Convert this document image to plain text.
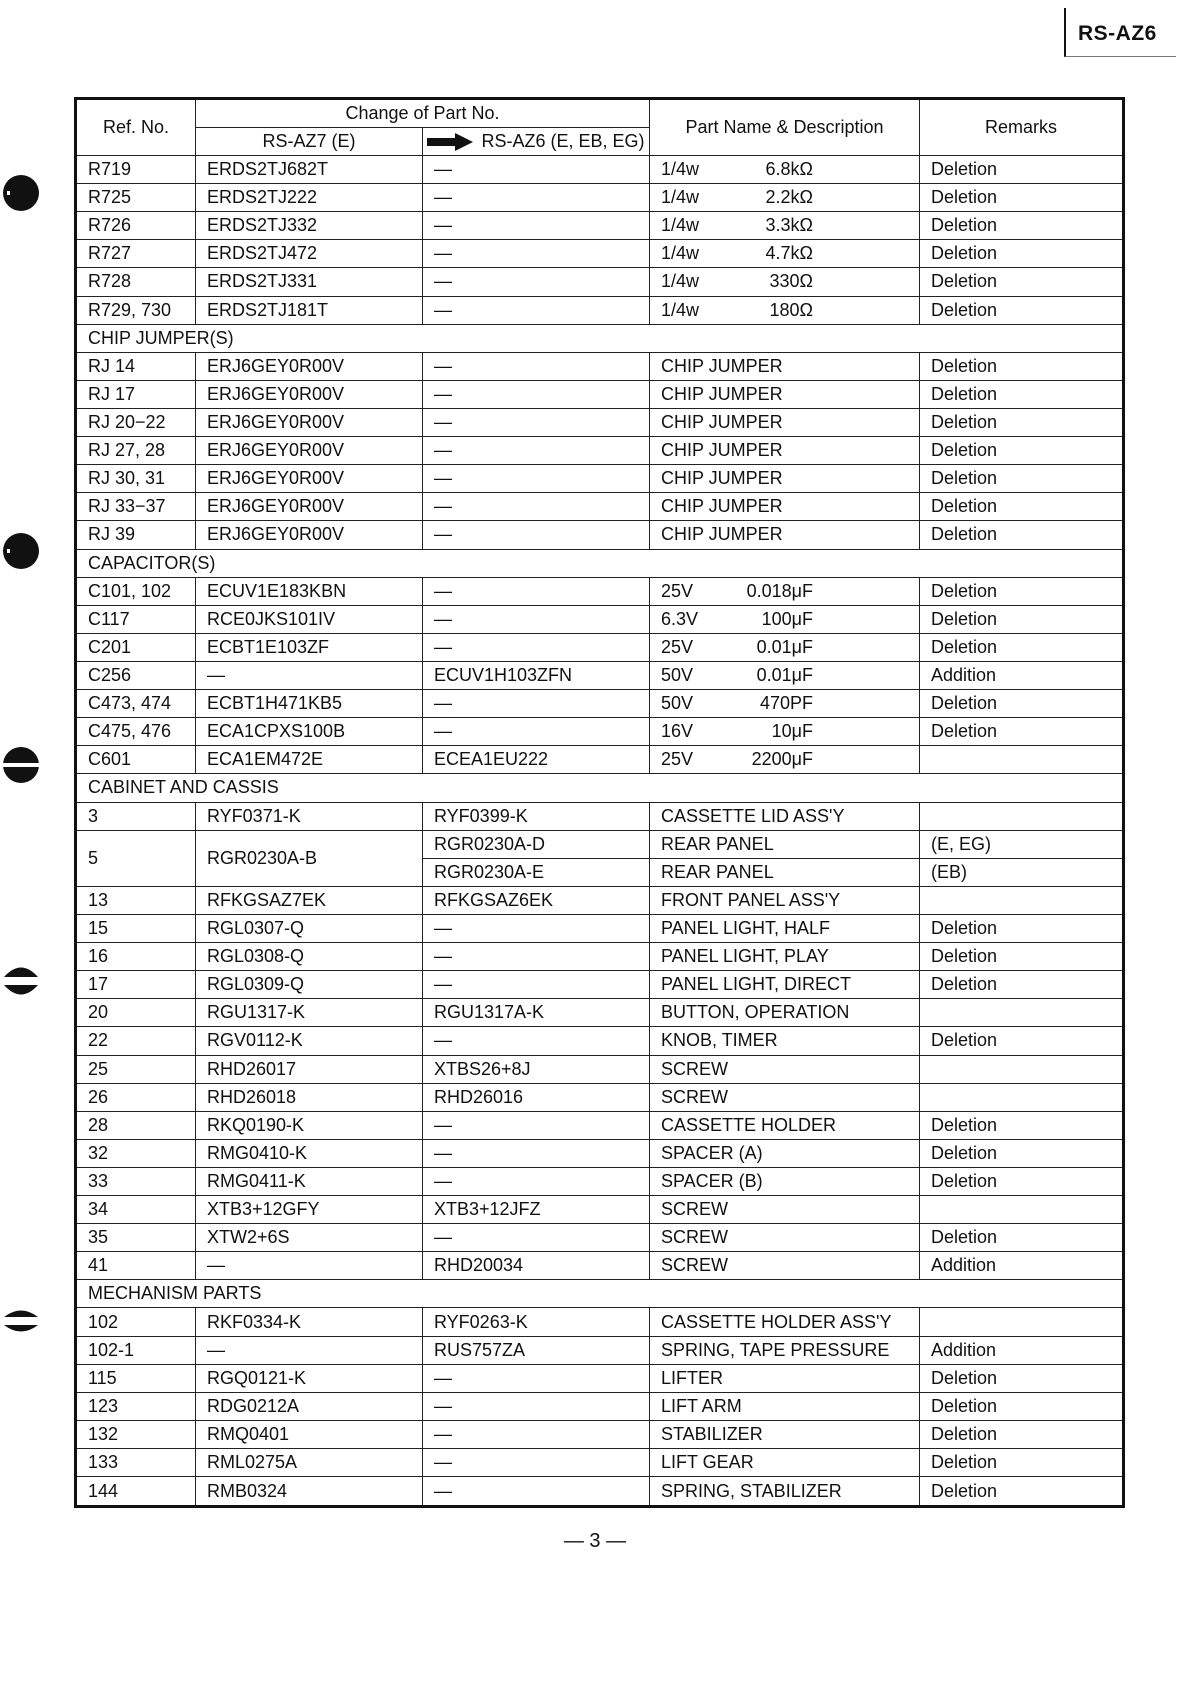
RS-AZ6
Ref. No.	Change of Part No.		Part Name & Description	Remarks
	RS-AZ7 (E)	RS-AZ6 (E, EB, EG)		
R719	ERDS2TJ682T	—	1/4w 6.8kΩ	Deletion
R725	ERDS2TJ222	—	1/4w 2.2kΩ	Deletion
R726	ERDS2TJ332	—	1/4w 3.3kΩ	Deletion
R727	ERDS2TJ472	—	1/4w 4.7kΩ	Deletion
R728	ERDS2TJ331	—	1/4w 330Ω	Deletion
R729, 730	ERDS2TJ181T	—	1/4w 180Ω	Deletion
CHIP JUMPER(S)				
RJ 14	ERJ6GEY0R00V	—	CHIP JUMPER	Deletion
RJ 17	ERJ6GEY0R00V	—	CHIP JUMPER	Deletion
RJ 20−22	ERJ6GEY0R00V	—	CHIP JUMPER	Deletion
RJ 27, 28	ERJ6GEY0R00V	—	CHIP JUMPER	Deletion
RJ 30, 31	ERJ6GEY0R00V	—	CHIP JUMPER	Deletion
RJ 33−37	ERJ6GEY0R00V	—	CHIP JUMPER	Deletion
RJ 39	ERJ6GEY0R00V	—	CHIP JUMPER	Deletion
CAPACITOR(S)				
C101, 102	ECUV1E183KBN	—	25V 0.018μF	Deletion
C117	RCE0JKS101IV	—	6.3V 100μF	Deletion
C201	ECBT1E103ZF	—	25V 0.01μF	Deletion
C256	—	ECUV1H103ZFN	50V 0.01μF	Addition
C473, 474	ECBT1H471KB5	—	50V 470PF	Deletion
C475, 476	ECA1CPXS100B	—	16V 10μF	Deletion
C601	ECA1EM472E	ECEA1EU222	25V 2200μF	
CABINET AND CASSIS				
3	RYF0371-K	RYF0399-K	CASSETTE LID ASS'Y	
5	RGR0230A-B	RGR0230A-D	REAR PANEL	(E, EG)
		RGR0230A-E	REAR PANEL	(EB)
13	RFKGSAZ7EK	RFKGSAZ6EK	FRONT PANEL ASS'Y	
15	RGL0307-Q	—	PANEL LIGHT, HALF	Deletion
16	RGL0308-Q	—	PANEL LIGHT, PLAY	Deletion
17	RGL0309-Q	—	PANEL LIGHT, DIRECT	Deletion
20	RGU1317-K	RGU1317A-K	BUTTON, OPERATION	
22	RGV0112-K	—	KNOB, TIMER	Deletion
25	RHD26017	XTBS26+8J	SCREW	
26	RHD26018	RHD26016	SCREW	
28	RKQ0190-K	—	CASSETTE HOLDER	Deletion
32	RMG0410-K	—	SPACER (A)	Deletion
33	RMG0411-K	—	SPACER (B)	Deletion
34	XTB3+12GFY	XTB3+12JFZ	SCREW	
35	XTW2+6S	—	SCREW	Deletion
41	—	RHD20034	SCREW	Addition
MECHANISM PARTS				
102	RKF0334-K	RYF0263-K	CASSETTE HOLDER ASS'Y	
102-1	—	RUS757ZA	SPRING, TAPE PRESSURE	Addition
115	RGQ0121-K	—	LIFTER	Deletion
123	RDG0212A	—	LIFT ARM	Deletion
132	RMQ0401	—	STABILIZER	Deletion
133	RML0275A	—	LIFT GEAR	Deletion
144	RMB0324	—	SPRING, STABILIZER	Deletion
— 3 —
